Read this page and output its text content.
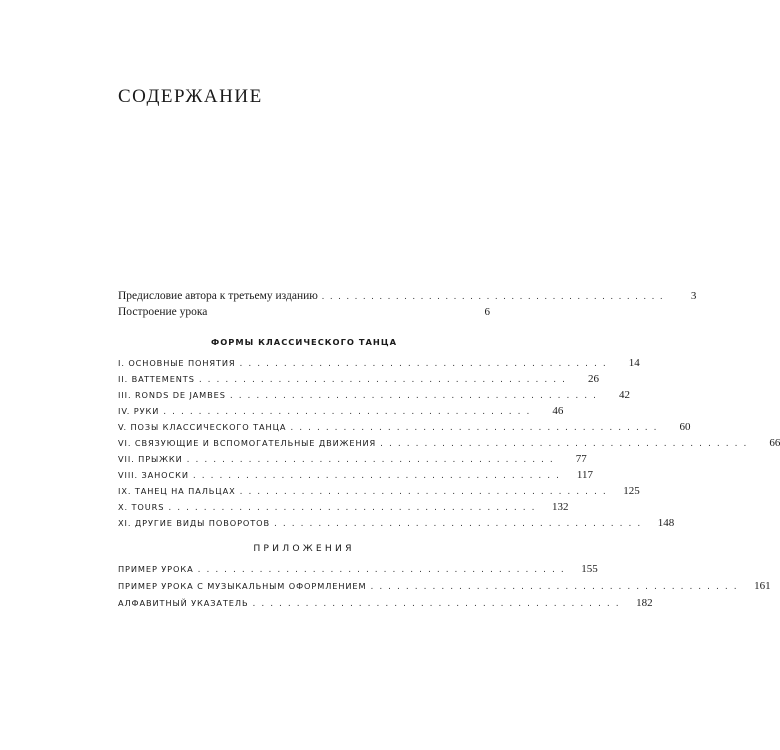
СОДЕРЖАНИЕ
Предисловие автора к третьему изданию ..........................................	3
Построение урока	6
ФОРМЫ КЛАССИЧЕСКОГО ТАНЦА
I. ОСНОВНЫЕ ПОНЯТИЯ ..........................................	14
II. BATTEMENTS ..........................................	26
III. RONDS DE JAMBES ..........................................	42
IV. РУКИ ..........................................	46
V. ПОЗЫ КЛАССИЧЕСКОГО ТАНЦА ..........................................	60
VI. СВЯЗУЮЩИЕ И ВСПОМОГАТЕЛЬНЫЕ ДВИЖЕНИЯ ..........................................	66
VII. ПРЫЖКИ ..........................................	77
VIII. ЗАНОСКИ ..........................................	117
IX. ТАНЕЦ НА ПАЛЬЦАХ ..........................................	125
X. TOURS ..........................................	132
XI. ДРУГИЕ ВИДЫ ПОВОРОТОВ ..........................................	148
ПРИЛОЖЕНИЯ
ПРИМЕР УРОКА ..........................................	155
ПРИМЕР УРОКА С МУЗЫКАЛЬНЫМ ОФОРМЛЕНИЕМ ..........................................	161
АЛФАВИТНЫЙ УКАЗАТЕЛЬ ..........................................	182
